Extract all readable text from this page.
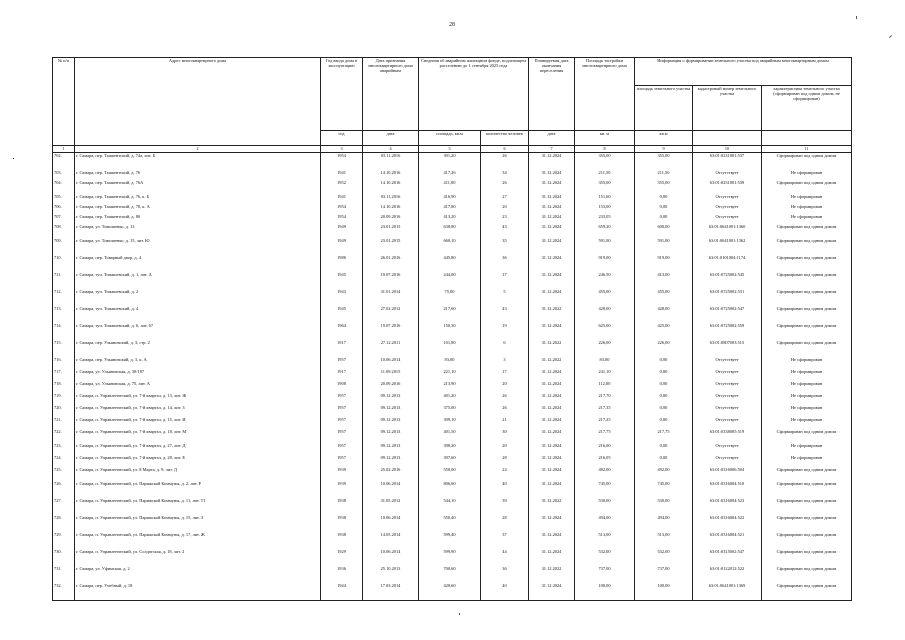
28
№ п/п	Адрес многоквартирного дома	Год ввода дома в эксплуатацию	Дата признания многоквартирного дома аварийным	Сведения об аварийном жилищном фонде, подлежащем расселению до 1 сентября 2025 года		Планируемая дата окончания переселения	Площадь застройки многоквартирного дома	Информация о формировании земельного участка под аварийным многоквартирным домом		
								площадь земельного участка	кадастровый номер земельного участка	характеристика земельного участка (сформирован под одним домом, не сформирован)
		год	дата	площадь, кв.м	количество человек	дата	кв. м	кв.м		
1	2	3	4	5	6	7	8	9	10	11
702.	г. Самара, пер. Ташкентский, д. 74а, лит. Б	1954	03.11.2016	391,20	26	31.12.2024	355,00	355,00	63:01:0231001:537	Сформирован под одним домом
703.	г. Самара, пер. Ташкентский, д. 76	1941	14.10.2016	417,26	34	31.12.2024	211,50	211,50	Отсутствует	Не сформирован
704.	г. Самара, пер. Ташкентский, д. 76А	1952	14.10.2016	411,00	26	31.12.2024	355,00	355,00	63:01:0231001:539	Сформирован под одним домом
705.	г. Самара, пер. Ташкентский, д. 76, к. Б	1941	03.11.2016	416,90	27	31.12.2024	151,60	0,00	Отсутствует	Не сформирован
706.	г. Самара, пер. Ташкентский, д. 78, к. А	1954	14.10.2016	417,80	20	31.12.2024	153,00	0,00	Отсутствует	Не сформирован
707.	г. Самара, пер. Ташкентский, д. 80	1954	20.09.2016	413,20	23	31.12.2024	233,05	0,00	Отсутствует	Не сформирован
708.	г. Самара, ул. Тимошенко, д. 13	1949	23.01.2015	638,80	43	31.12.2024	659,20	600,00	63:01:0641001:1360	Сформирован под одним домом
709.	г. Самара, ул. Тимошенко, д. 15, лит. Ю	1949	23.01.2015	660,10	35	31.12.2024	591,00	591,00	63:01:0641001:1362	Сформирован под одним домом
710.	г. Самара, пер. Товарный двор, д. 4	1986	26.01.2016	445,80	36	31.12.2024	919,00	919,00	63:01:0101004:1174	Сформирован под одним домом
711.	г. Самара, туп. Томашевский, д. 1, лит. А	1945	19.07.2016	244,00	17	31.12.2024	246,50	413,00	63:01:0725002:545	Сформирован под одним домом
712.	г. Самара, туп. Томашевский, д. 2	1943	31.01.2014	75,00	5	31.12.2024	455,00	455,00	63:01:0725002:531	Сформирован под одним домом
713.	г. Самара, туп. Томашевский, д. 4	1945	27.02.2012	217,60	43	31.12.2022	428,00	428,00	63:01:0725002:547	Сформирован под одним домом
714.	г. Самара, туп. Томашевский, д. 6, лит. 67	1964	19.07.2016	150,30	19	31.12.2024	625,00	425,00	63:01:0725002:559	Сформирован под одним домом
715.	г. Самара, пер. Ульяновский, д. 3, стр. 2	1917	27.12.2011	101,80	6	31.12.2022	226,00	226,00	63:01:0807003:515	Сформирован под одним домом
716.	г. Самара, пер. Ульяновский, д. 3, к. А	1957	10.06.2014	83,00	3	31.12.2022	83,00	0,00	Отсутствует	Не сформирован
717.	г. Самара, ул. Ульяновская, д. 30/187	1917	11.09.2015	221,10	17	31.12.2024	241,10	0,00	Отсутствует	Не сформирован
718.	г. Самара, ул. Ульяновская, д. 75, лит. А	1908	20.09.2016	213,90	20	31.12.2024	112,00	0,00	Отсутствует	Не сформирован
719.	г. Самара, п. Управленческий, ул. 7-й квартал, д. 13, лит. Ж	1957	09.12.2013	401,20	26	31.12.2024	217,70	0,00	Отсутствует	Не сформирован
720.	г. Самара, п. Управленческий, ул. 7-й квартал, д. 14, лит. З	1957	09.12.2013	375,00	26	31.12.2024	217,35	0,00	Отсутствует	Не сформирован
721.	г. Самара, п. Управленческий, ул. 7-й квартал, д. 15, лит. И	1957	09.12.2013	399,10	21	31.12.2024	217,25	0,00	Отсутствует	Не сформирован
722.	г. Самара, п. Управленческий, ул. 7-й квартал, д. 18, лит. М	1957	09.12.2013	401,50	30	31.12.2024	217,75	217,75	63:01:0338005:519	Сформирован под одним домом
723.	г. Самара, п. Управленческий, ул. 7-й квартал, д. 27, лит. Д	1957	09.12.2013	398,20	20	31.12.2024	216,00	0,00	Отсутствует	Не сформирован
724.	г. Самара, п. Управленческий, ул. 7-й квартал, д. 28, лит. Е	1957	09.12.2013	397,60	28	31.12.2024	216,05	0,00	Отсутствует	Не сформирован
725.	г. Самара, п. Управленческий, ул. 8 Марта, д. 9, лит. Д	1939	25.02.2016	550,00	24	31.12.2024	482,00	492,00	63:01:0316006:504	Сформирован под одним домом
726.	г. Самара, п. Управленческий, ул. Парижской Коммуны, д. 2, лит. Р	1939	10.06.2014	806,60	40	31.12.2024	745,00	745,00	63:01:0316004:510	Сформирован под одним домом
727.	г. Самара, п. Управленческий, ул. Парижской Коммуны, д. 11, лит. Т1	1938	31.05.2012	544,10	39	31.12.2022	530,00	530,00	63:01:0316004:523	Сформирован под одним домом
728.	г. Самара, п. Управленческий, ул. Парижской Коммуны, д. 15, лит. З	1938	10.06.2014	550,40	28	31.12.2024	494,00	494,00	63:01:0316004:522	Сформирован под одним домом
729.	г. Самара, п. Управленческий, ул. Парижской Коммуны, д. 17, лит. Ж	1938	14.05.2014	599,40	37	31.12.2024	513,00	513,00	63:01:0316004:521	Сформирован под одним домом
730.	г. Самара, п. Управленческий, ул. Солдатская, д. 18, лит. 2	1929	10.06.2014	599,90	44	31.12.2024	532,00	532,00	63:01:0315002:547	Сформирован под одним домом
731.	г. Самара, ул. Уфимская, д. 2	1936	25.10.2013	700,60	36	31.12.2022	737,00	737,00	63:01:0122012:522	Сформирован под одним домом
732.	г. Самара, пер. Учебный, д. 18	1944	17.03.2014	420,60	40	31.12.2024	100,00	100,00	63:01:0641001:1369	Сформирован под одним домом
